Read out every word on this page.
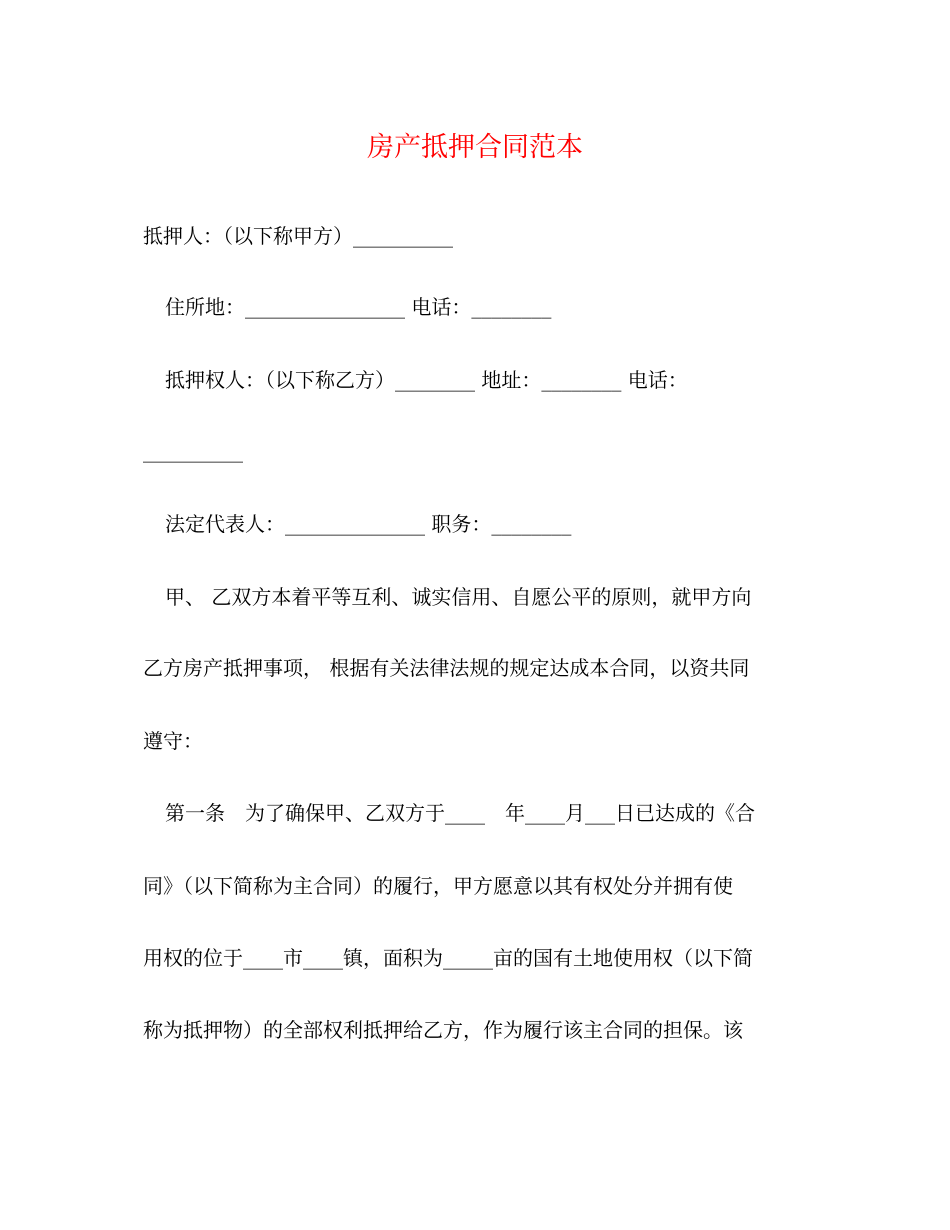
房产抵押合同范本
抵押人：（以下称甲方）__________
住所地：________________ 电话：________
抵押权人：（以下称乙方）________ 地址：________ 电话：
__________
法定代表人：______________ 职务：________
甲、 乙双方本着平等互利、诚实信用、自愿公平的原则，就甲方向
乙方房产抵押事项， 根据有关法律法规的规定达成本合同，以资共同
遵守：
第一条　为了确保甲、乙双方于____　年____月___日已达成的《合
同》（以下简称为主合同）的履行，甲方愿意以其有权处分并拥有使
用权的位于____市____镇，面积为_____亩的国有土地使用权（以下简
称为抵押物）的全部权利抵押给乙方，作为履行该主合同的担保。该
